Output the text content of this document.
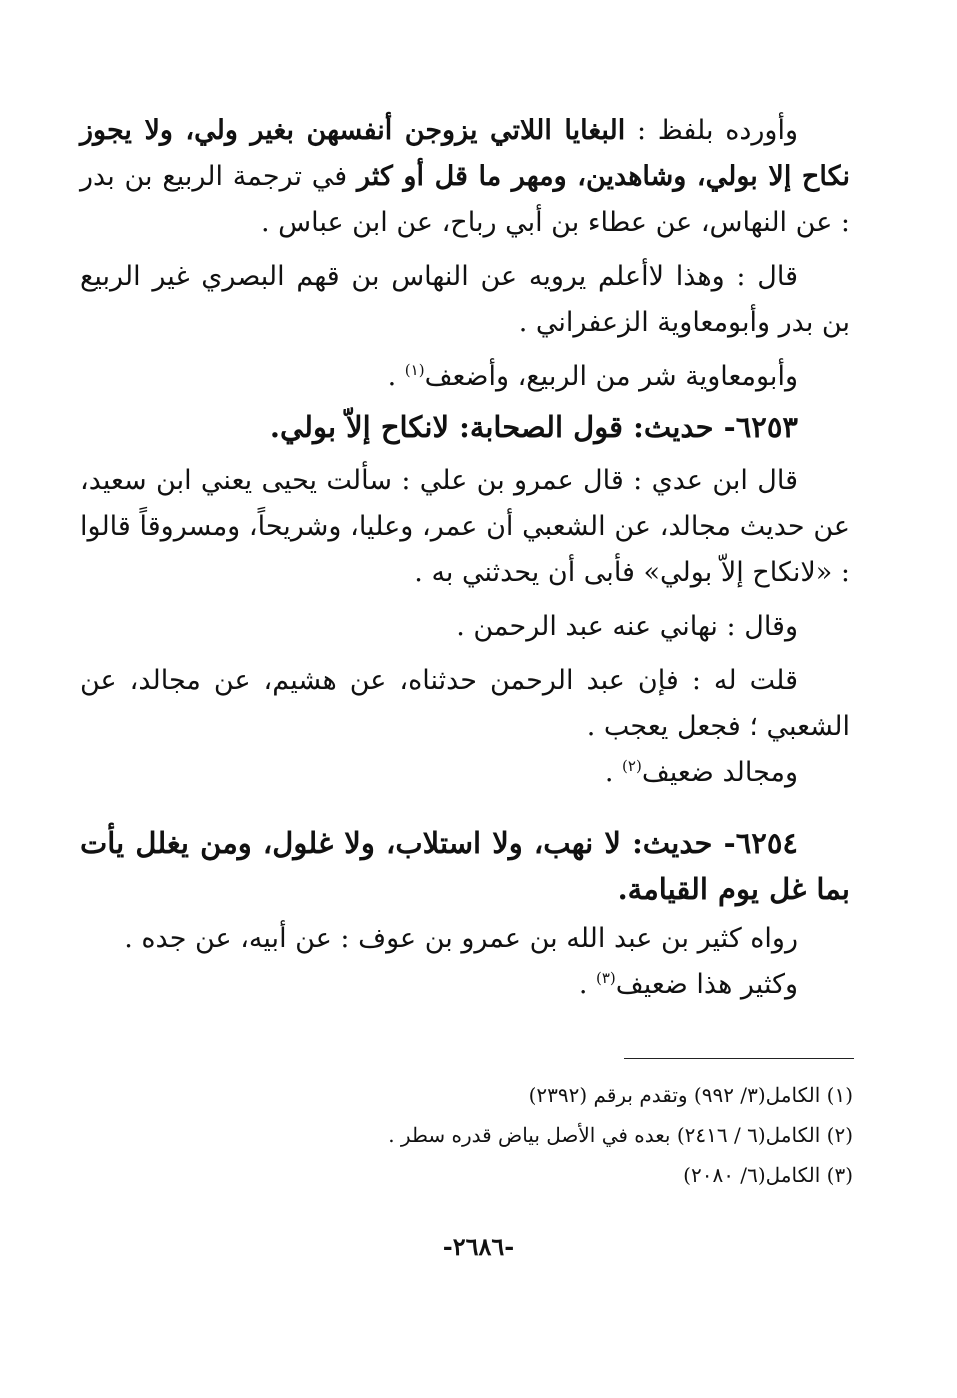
وأورده بلفظ : البغايا اللاتي يزوجن أنفسهن بغير ولي، ولا يجوز نكاح إلا بولي، وشاهدين، ومهر ما قل أو كثر في ترجمة الربيع بن بدر : عن النهاس، عن عطاء بن أبي رباح، عن ابن عباس .

قال : وهذا لاأعلم يرويه عن النهاس بن قهم البصري غير الربيع بن بدر وأبومعاوية الزعفراني .

وأبومعاوية شر من الربيع، وأضعف$^{(١)}$ .

٦٢٥٣- حديث: قول الصحابة: لانكاح إلاّ بولي.

قال ابن عدي : قال عمرو بن علي : سألت يحيى يعني ابن سعيد، عن حديث مجالد، عن الشعبي أن عمر، وعليا، وشريحاً، ومسروقاً قالوا : «لانكاح إلاّ بولي» فأبى أن يحدثني به .

وقال : نهاني عنه عبد الرحمن .

قلت له : فإن عبد الرحمن حدثناه، عن هشيم، عن مجالد، عن الشعبي ؛ فجعل يعجب .

ومجالد ضعيف$^{(٢)}$ .

٦٢٥٤- حديث: لا نهب، ولا استلاب، ولا غلول، ومن يغلل يأت بما غل يوم القيامة.

رواه كثير بن عبد الله بن عمرو بن عوف : عن أبيه، عن جده .

وكثير هذا ضعيف$^{(٣)}$ .

(١) الكامل(٣/ ٩٩٢) وتقدم برقم (٢٣٩٢)

(٢) الكامل(٦ / ٢٤١٦) بعده في الأصل بياض قدره سطر .

(٣) الكامل(٦/ ٢٠٨٠)

-٢٦٨٦-
